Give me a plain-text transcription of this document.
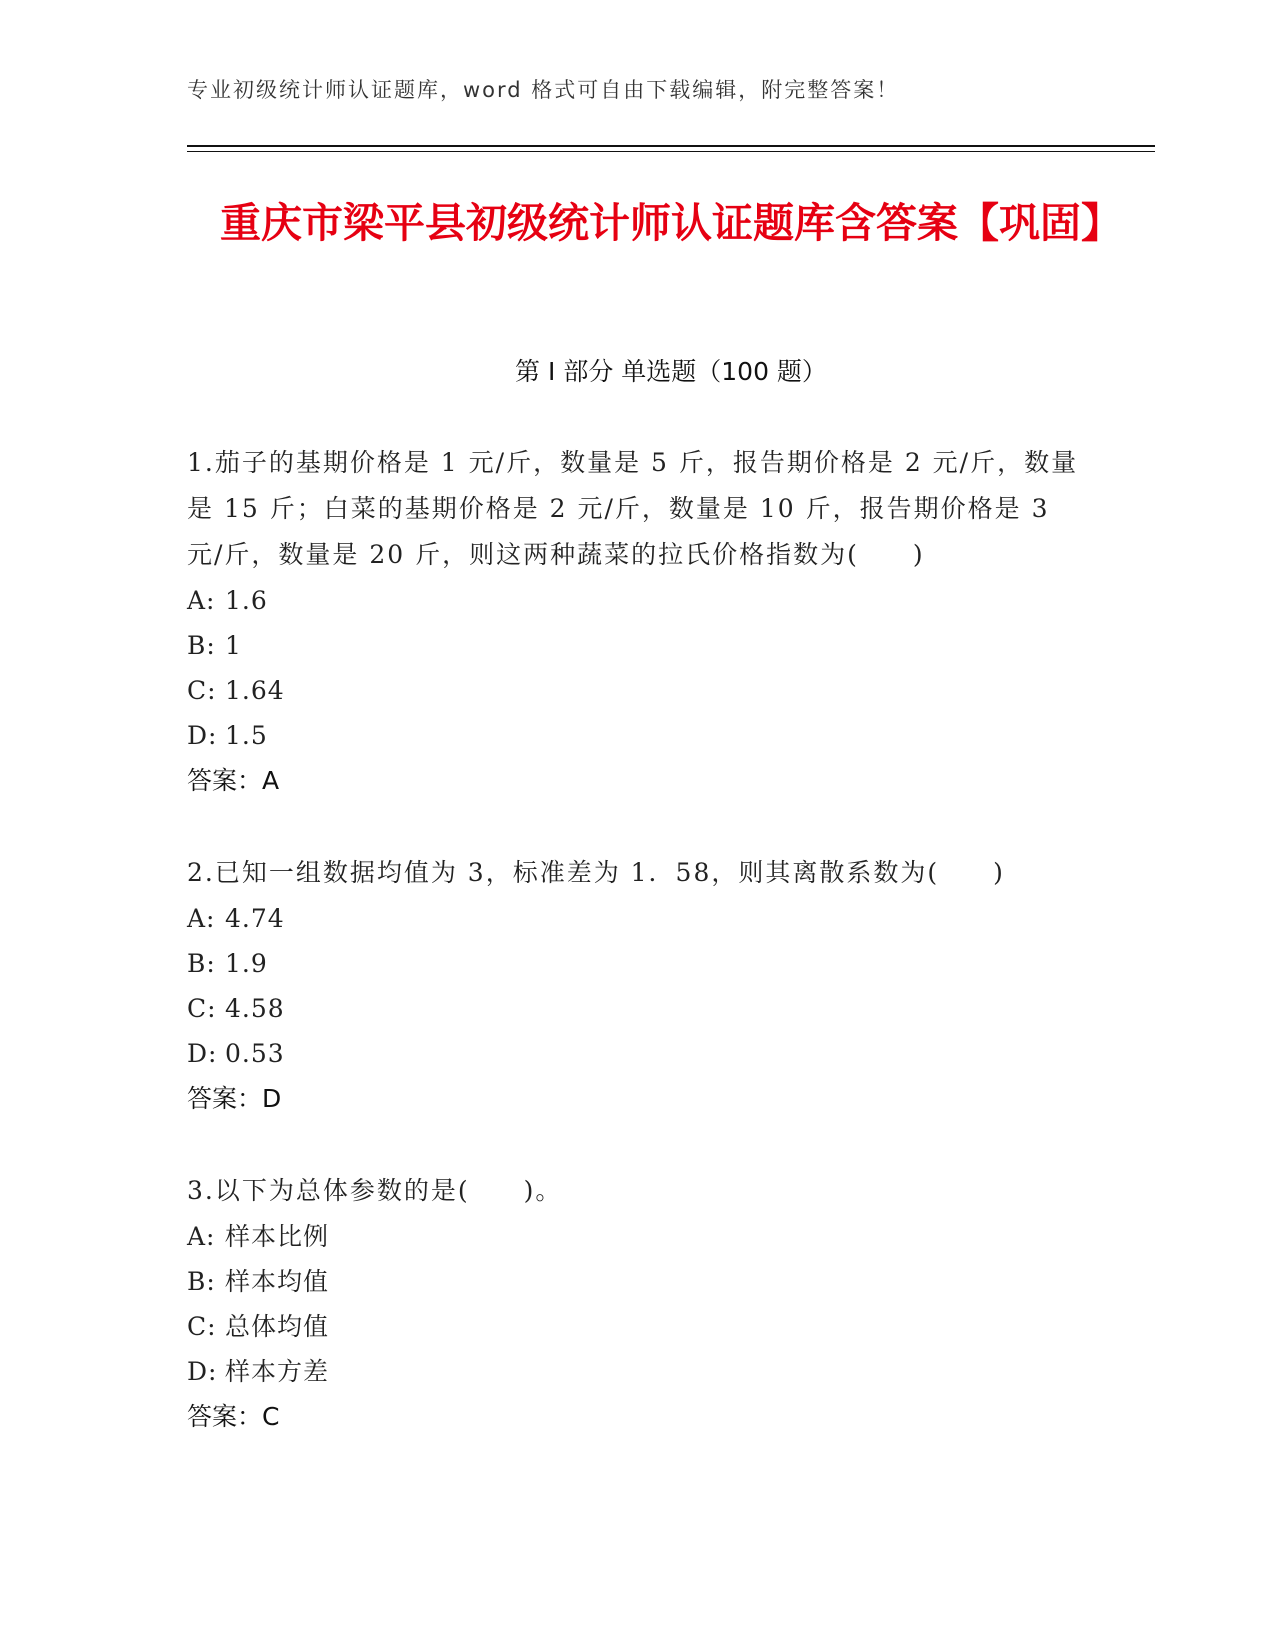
专业初级统计师认证题库，word 格式可自由下载编辑，附完整答案！
重庆市梁平县初级统计师认证题库含答案【巩固】
第 I 部分 单选题（100 题）

1.茄子的基期价格是 1 元/斤，数量是 5 斤，报告期价格是 2 元/斤，数量是 15 斤；白菜的基期价格是 2 元/斤，数量是 10 斤，报告期价格是 3 元/斤，数量是 20 斤，则这两种蔬菜的拉氏价格指数为(　　)

A: 1.6

B: 1

C: 1.64

D: 1.5

答案：A

2.已知一组数据均值为 3，标准差为 1．58，则其离散系数为(　　)

A: 4.74

B: 1.9

C: 4.58

D: 0.53

答案：D

3.以下为总体参数的是(　　)。

A: 样本比例

B: 样本均值

C: 总体均值

D: 样本方差

答案：C
